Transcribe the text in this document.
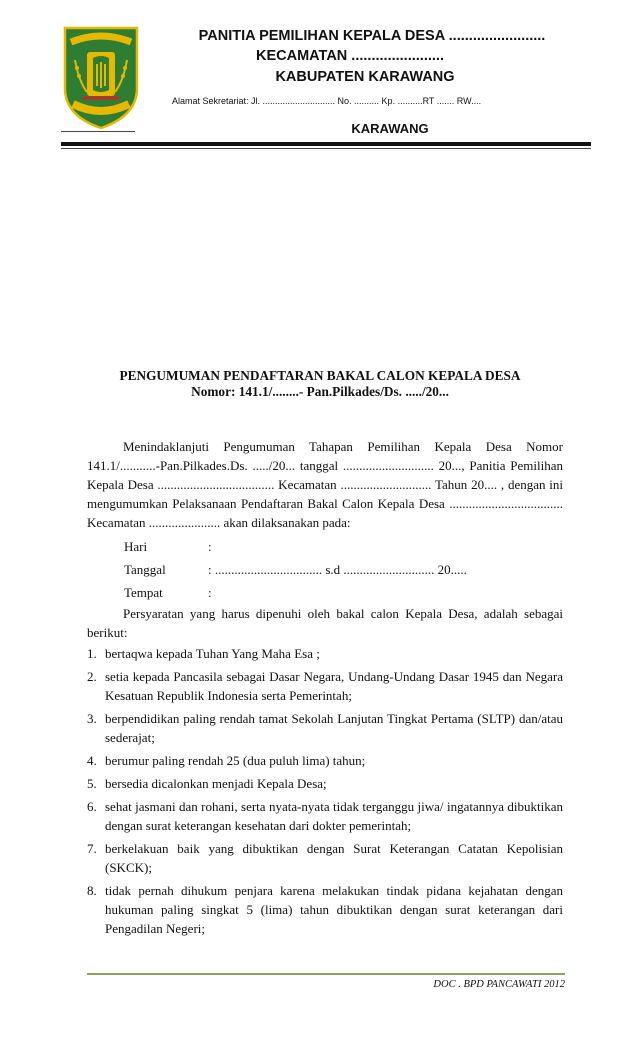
PANITIA PEMILIHAN KEPALA DESA ........................
KECAMATAN .......................
KABUPATEN KARAWANG
Alamat Sekretariat: Jl. ............................. No. .......... Kp. ..........RT ....... RW....
KARAWANG
PENGUMUMAN PENDAFTARAN BAKAL CALON KEPALA DESA
Nomor: 141.1/........- Pan.Pilkades/Ds. ...../20...

Menindaklanjuti Pengumuman Tahapan Pemilihan Kepala Desa Nomor 141.1/...........-Pan.Pilkades.Ds. ...../20... tanggal ............................ 20..., Panitia Pemilihan Kepala Desa .................................... Kecamatan ............................ Tahun 20.... , dengan ini mengumumkan Pelaksanaan Pendaftaran Bakal Calon Kepala Desa ................................... Kecamatan ...................... akan dilaksanakan pada:

Hari	:
Tanggal	: ................................. s.d ............................ 20.....
Tempat	:

Persyaratan yang harus dipenuhi oleh bakal calon Kepala Desa, adalah sebagai berikut:

1. bertaqwa kepada Tuhan Yang Maha Esa ;
2. setia kepada Pancasila sebagai Dasar Negara, Undang-Undang Dasar 1945 dan Negara Kesatuan Republik Indonesia serta Pemerintah;
3. berpendidikan paling rendah tamat Sekolah Lanjutan Tingkat Pertama (SLTP) dan/atau sederajat;
4. berumur paling rendah 25 (dua puluh lima) tahun;
5. bersedia dicalonkan menjadi Kepala Desa;
6. sehat jasmani dan rohani, serta nyata-nyata tidak terganggu jiwa/ ingatannya dibuktikan dengan surat keterangan kesehatan dari dokter pemerintah;
7. berkelakuan baik yang dibuktikan dengan Surat Keterangan Catatan Kepolisian (SKCK);
8. tidak pernah dihukum penjara karena melakukan tindak pidana kejahatan dengan hukuman paling singkat 5 (lima) tahun dibuktikan dengan surat keterangan dari Pengadilan Negeri;
DOC . BPD PANCAWATI 2012
